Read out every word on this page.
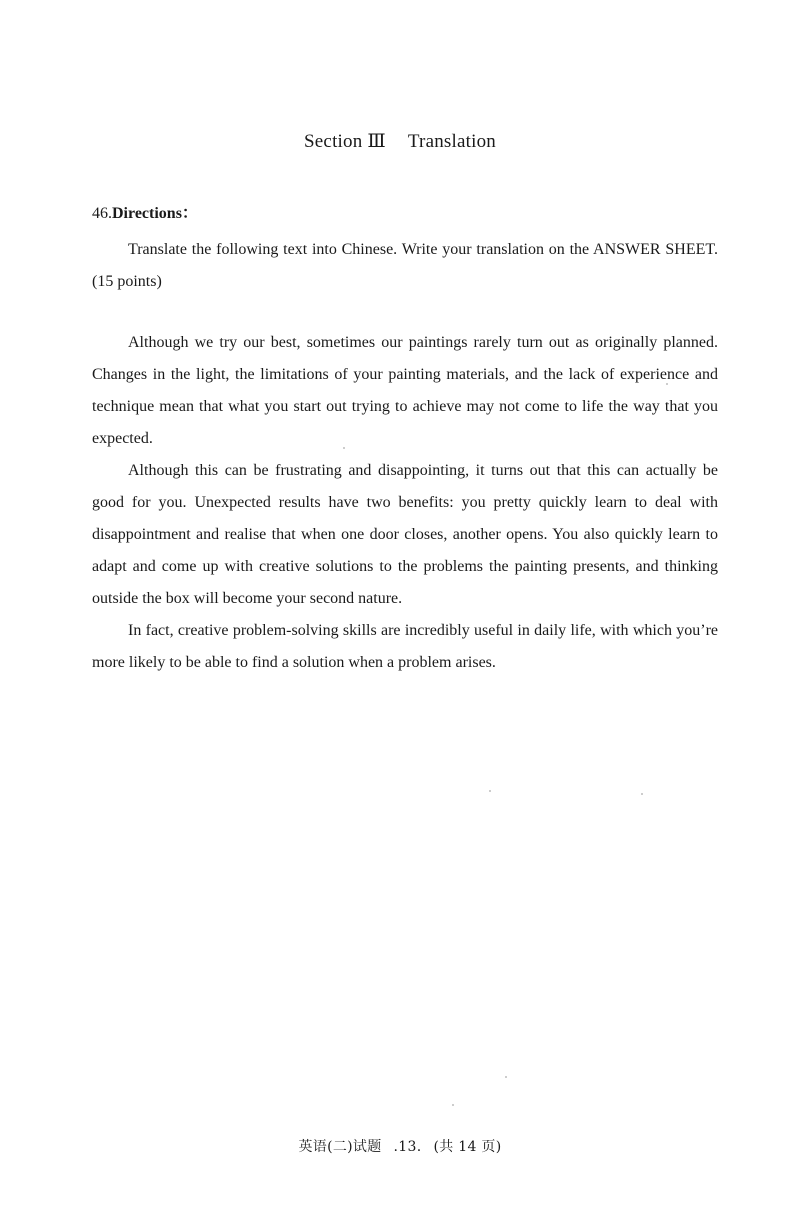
Section Ⅲ Translation

46.Directions：

Translate the following text into Chinese. Write your translation on the ANSWER SHEET. (15 points)

Although we try our best, sometimes our paintings rarely turn out as originally planned. Changes in the light, the limitations of your painting materials, and the lack of experience and technique mean that what you start out trying to achieve may not come to life the way that you expected.

Although this can be frustrating and disappointing, it turns out that this can actually be good for you. Unexpected results have two benefits: you pretty quickly learn to deal with disappointment and realise that when one door closes, another opens. You also quickly learn to adapt and come up with creative solutions to the problems the painting presents, and thinking outside the box will become your second nature.

In fact, creative problem-solving skills are incredibly useful in daily life, with which you’re more likely to be able to find a solution when a problem arises.

英语(二)试题 .13. (共 14 页)
